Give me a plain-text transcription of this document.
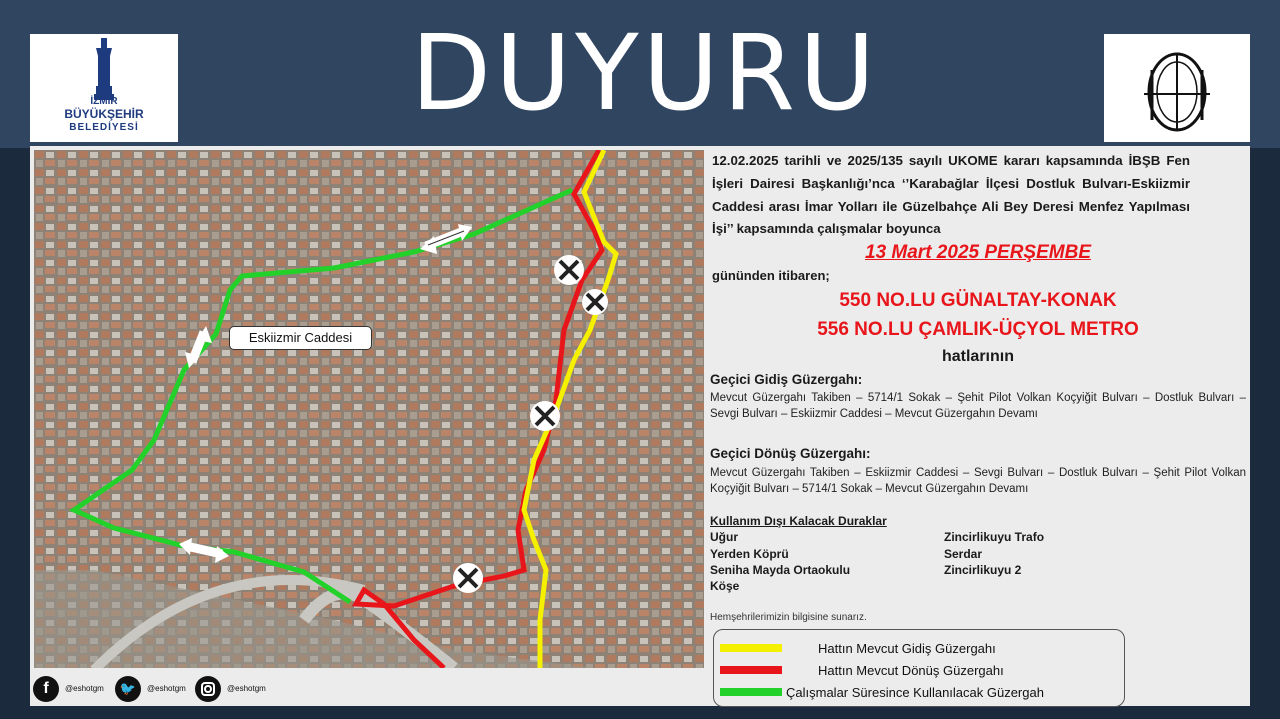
DUYURU
İZMİR
BÜYÜKŞEHİR
BELEDİYESİ
Eskiizmir Caddesi
12.02.2025 tarihli ve 2025/135 sayılı UKOME kararı kapsamında İBŞB Fen İşleri Dairesi Başkanlığı’nca ‘’Karabağlar İlçesi Dostluk Bulvarı-Eskiizmir Caddesi arası İmar Yolları ile Güzelbahçe Ali Bey Deresi Menfez Yapılması İşi’’ kapsamında çalışmalar boyunca
13 Mart 2025 PERŞEMBE
gününden itibaren;
550 NO.LU GÜNALTAY-KONAK
556 NO.LU ÇAMLIK-ÜÇYOL METRO
hatlarının
Geçici Gidiş Güzergahı:
Mevcut Güzergahı Takiben – 5714/1 Sokak – Şehit Pilot Volkan Koçyiğit Bulvarı – Dostluk Bulvarı – Sevgi Bulvarı – Eskiizmir Caddesi – Mevcut Güzergahın Devamı
Geçici Dönüş Güzergahı:
Mevcut Güzergahı Takiben – Eskiizmir Caddesi – Sevgi Bulvarı – Dostluk Bulvarı – Şehit Pilot Volkan Koçyiğit Bulvarı – 5714/1 Sokak – Mevcut Güzergahın Devamı
Kullanım Dışı Kalacak Duraklar
Uğur
Yerden Köprü
Seniha Mayda Ortaokulu
Köşe
Zincirlikuyu Trafo
Serdar
Zincirlikuyu 2
Hemşehrilerimizin bilgisine sunarız.
Hattın Mevcut Gidiş Güzergahı
Hattın Mevcut Dönüş Güzergahı
Çalışmalar Süresince Kullanılacak Güzergah
f	@eshotgm	🐦	@eshotgm	@eshotgm
